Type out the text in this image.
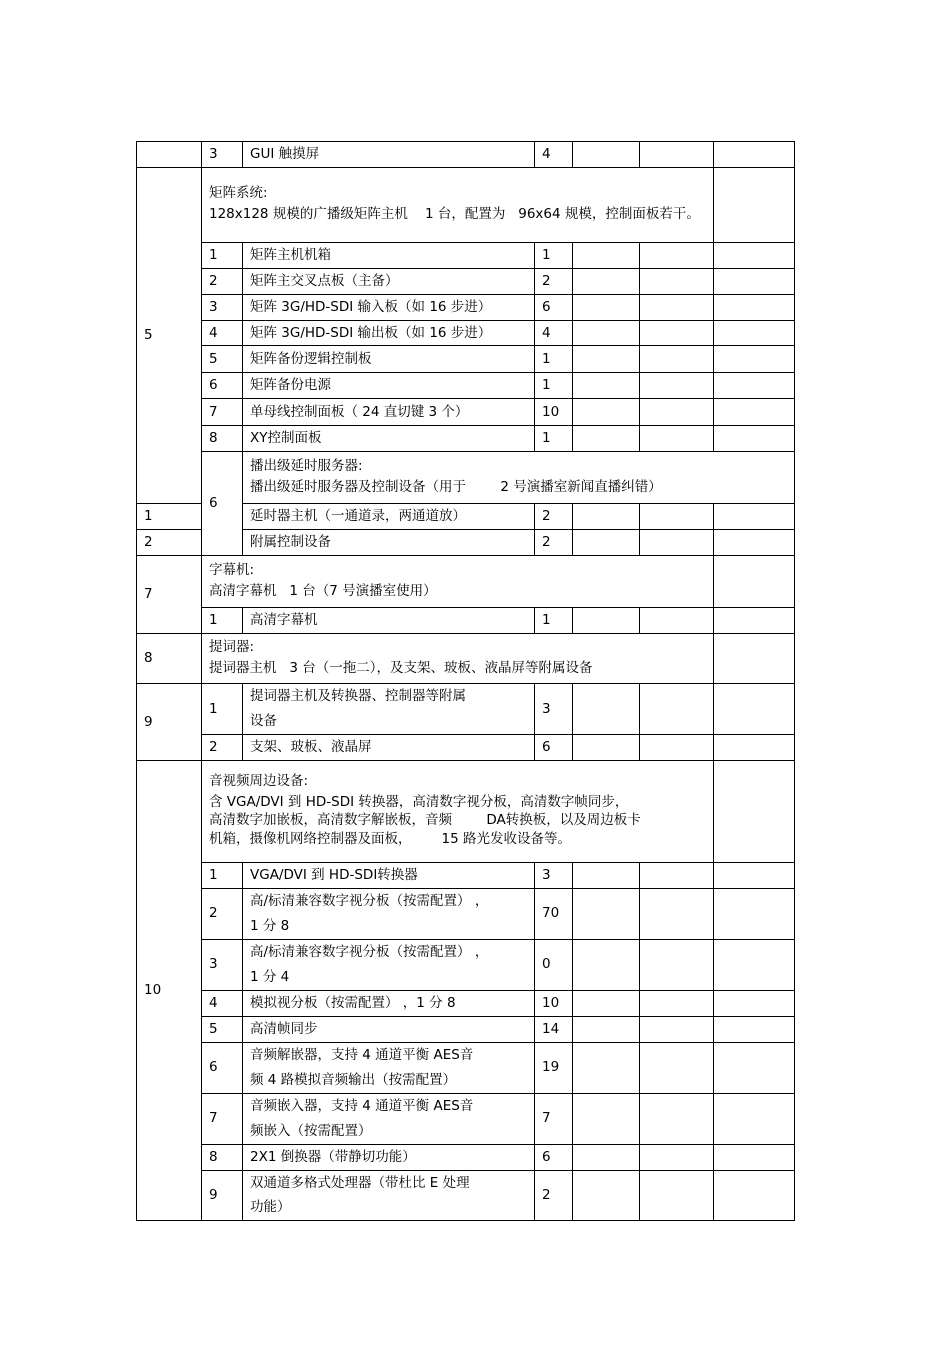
	3	GUI 触摸屏	4				
5	矩阵系统:
128x128 规模的广播级矩阵主机    1 台，配置为   96x64 规模，控制面板若干。						

	1	矩阵主机机箱	1				
	2	矩阵主交叉点板（主备）	2				
	3	矩阵 3G/HD-SDI 输入板（如 16 步进）	6				
	4	矩阵 3G/HD-SDI 输出板（如 16 步进）	4				
	5	矩阵备份逻辑控制板	1				
	6	矩阵备份电源	1				
	7	单母线控制面板（ 24 直切键 3 个）	10				
	8	XY控制面板	1				
	6	播出级延时服务器:
播出级延时服务器及控制设备（用于        2 号演播室新闻直播纠错）					

1		延时器主机（一通道录，两通道放）	2				
2		附属控制设备	2				
7	字幕机:
高清字幕机   1 台（7 号演播室使用）						

	1	高清字幕机	1				
8	提词器:
提词器主机   3 台（一拖二），及支架、玻板、液晶屏等附属设备						

9	1	提词器主机及转换器、控制器等附属
设备	3				
	2	支架、玻板、液晶屏	6				
10	音视频周边设备:
含 VGA/DVI 到 HD-SDI 转换器，高清数字视分板，高清数字帧同步，
高清数字加嵌板，高清数字解嵌板，音频        DA转换板，以及周边板卡
机箱，摄像机网络控制器及面板，       15 路光发收设备等。						

	1	VGA/DVI 到 HD-SDI转换器	3				
	2	高/标清兼容数字视分板（按需配置） ，
1 分 8	70				
	3	高/标清兼容数字视分板（按需配置） ，
1 分 4	0				
	4	模拟视分板（按需配置） ，1 分 8	10				
	5	高清帧同步	14				
	6	音频解嵌器，支持 4 通道平衡 AES音
频 4 路模拟音频输出（按需配置）	19				
	7	音频嵌入器，支持 4 通道平衡 AES音
频嵌入（按需配置）	7				
	8	2X1 倒换器（带静切功能）	6				
	9	双通道多格式处理器（带杜比 E 处理
功能）	2				
